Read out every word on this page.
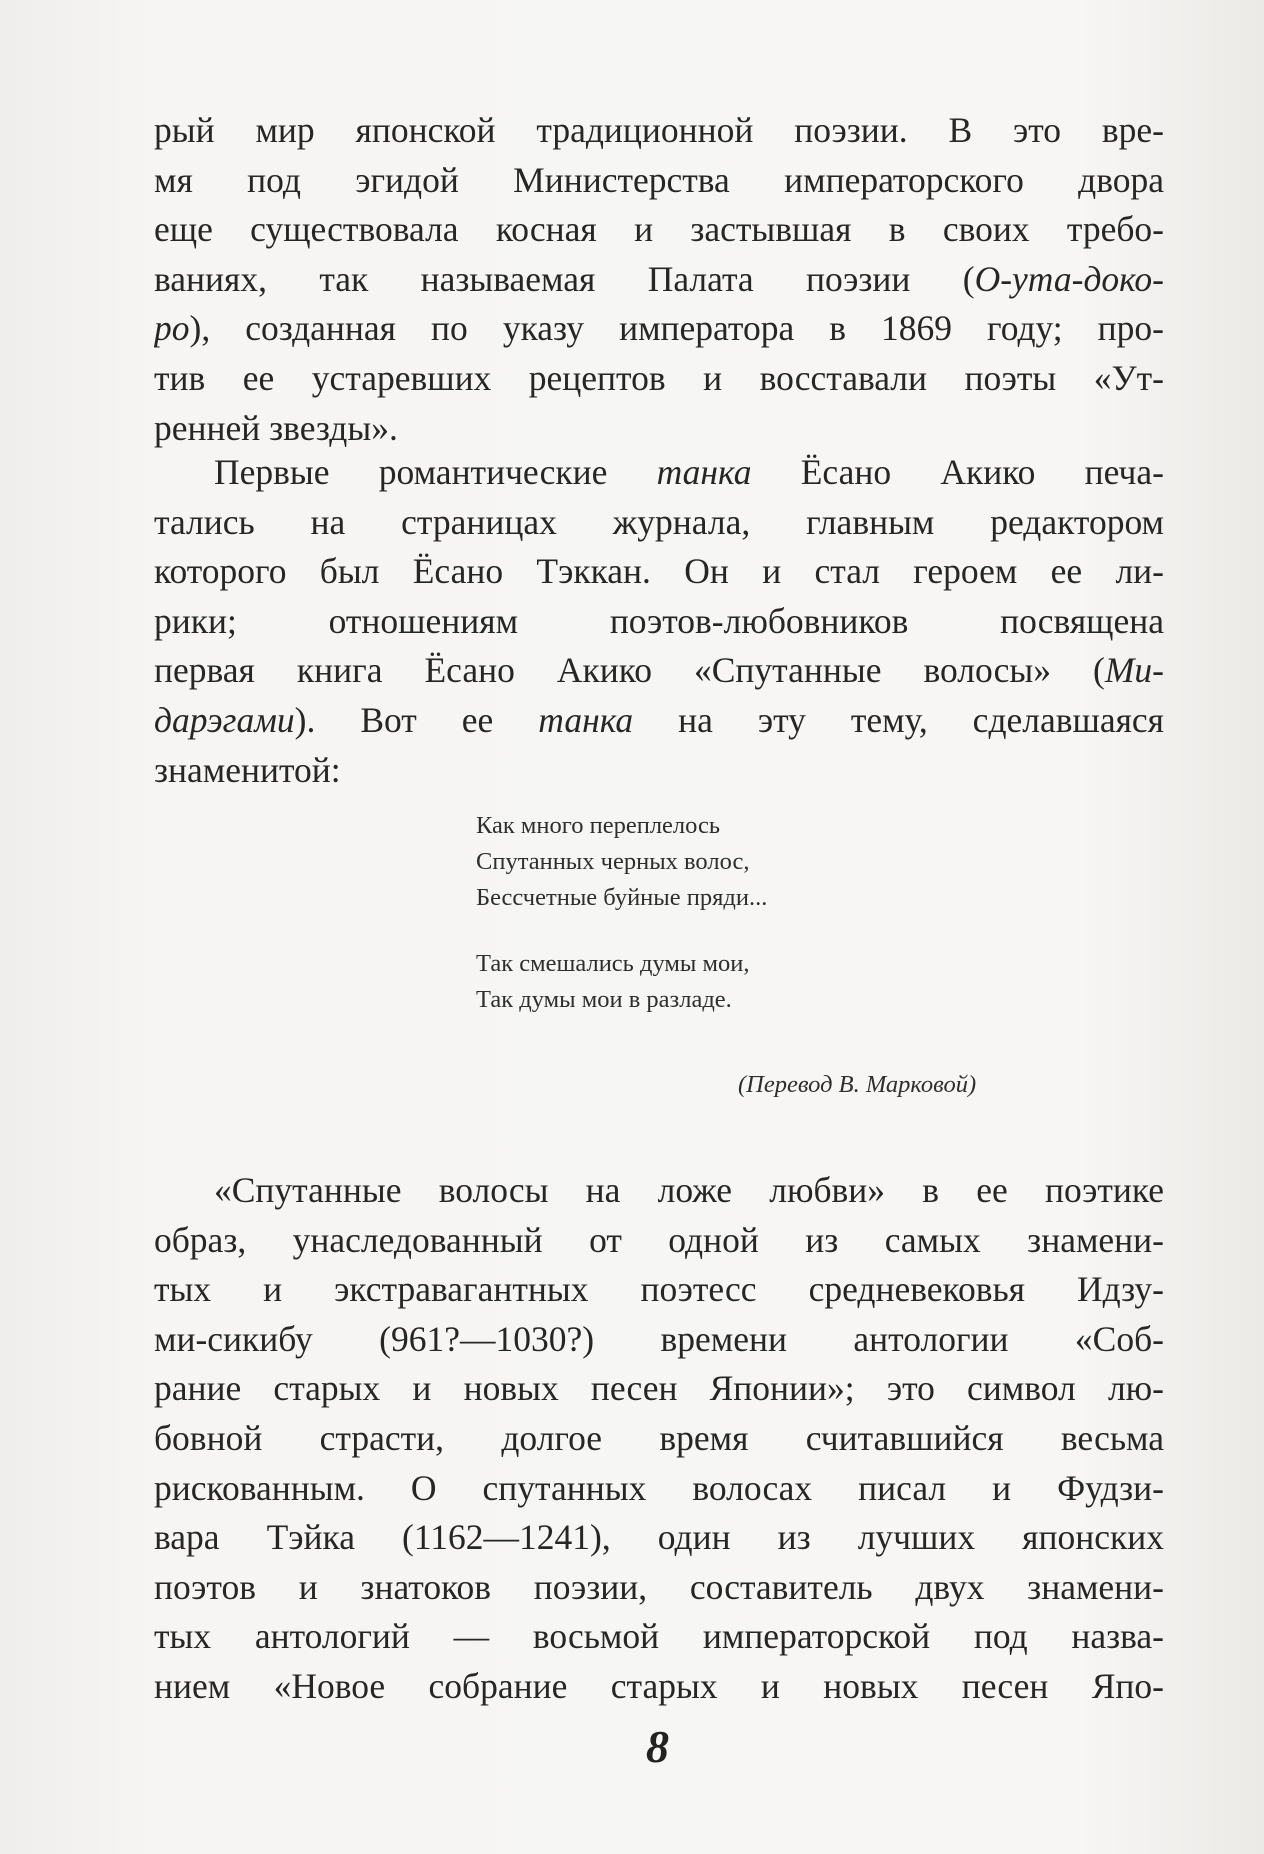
рый мир японской традиционной поэзии. В это вре-
мя под эгидой Министерства императорского двора
еще существовала косная и застывшая в своих требо-
ваниях, так называемая Палата поэзии (О-ута-доко-
ро), созданная по указу императора в 1869 году; про-
тив ее устаревших рецептов и восставали поэты «Ут-
ренней звезды».
Первые романтические танка Ёсано Акико печа-
тались на страницах журнала, главным редактором
которого был Ёсано Тэккан. Он и стал героем ее ли-
рики; отношениям поэтов-любовников посвящена
первая книга Ёсано Акико «Спутанные волосы» (Ми-
дарэгами). Вот ее танка на эту тему, сделавшаяся
знаменитой:
Как много переплелось
Спутанных черных волос,
Бессчетные буйные пряди...
Так смешались думы мои,
Так думы мои в разладе.
(Перевод В. Марковой)
«Спутанные волосы на ложе любви» в ее поэтике
образ, унаследованный от одной из самых знамени-
тых и экстравагантных поэтесс средневековья Идзу-
ми-сикибу (961?—1030?) времени антологии «Соб-
рание старых и новых песен Японии»; это символ лю-
бовной страсти, долгое время считавшийся весьма
рискованным. О спутанных волосах писал и Фудзи-
вара Тэйка (1162—1241), один из лучших японских
поэтов и знатоков поэзии, составитель двух знамени-
тых антологий — восьмой императорской под назва-
нием «Новое собрание старых и новых песен Япо-
8
